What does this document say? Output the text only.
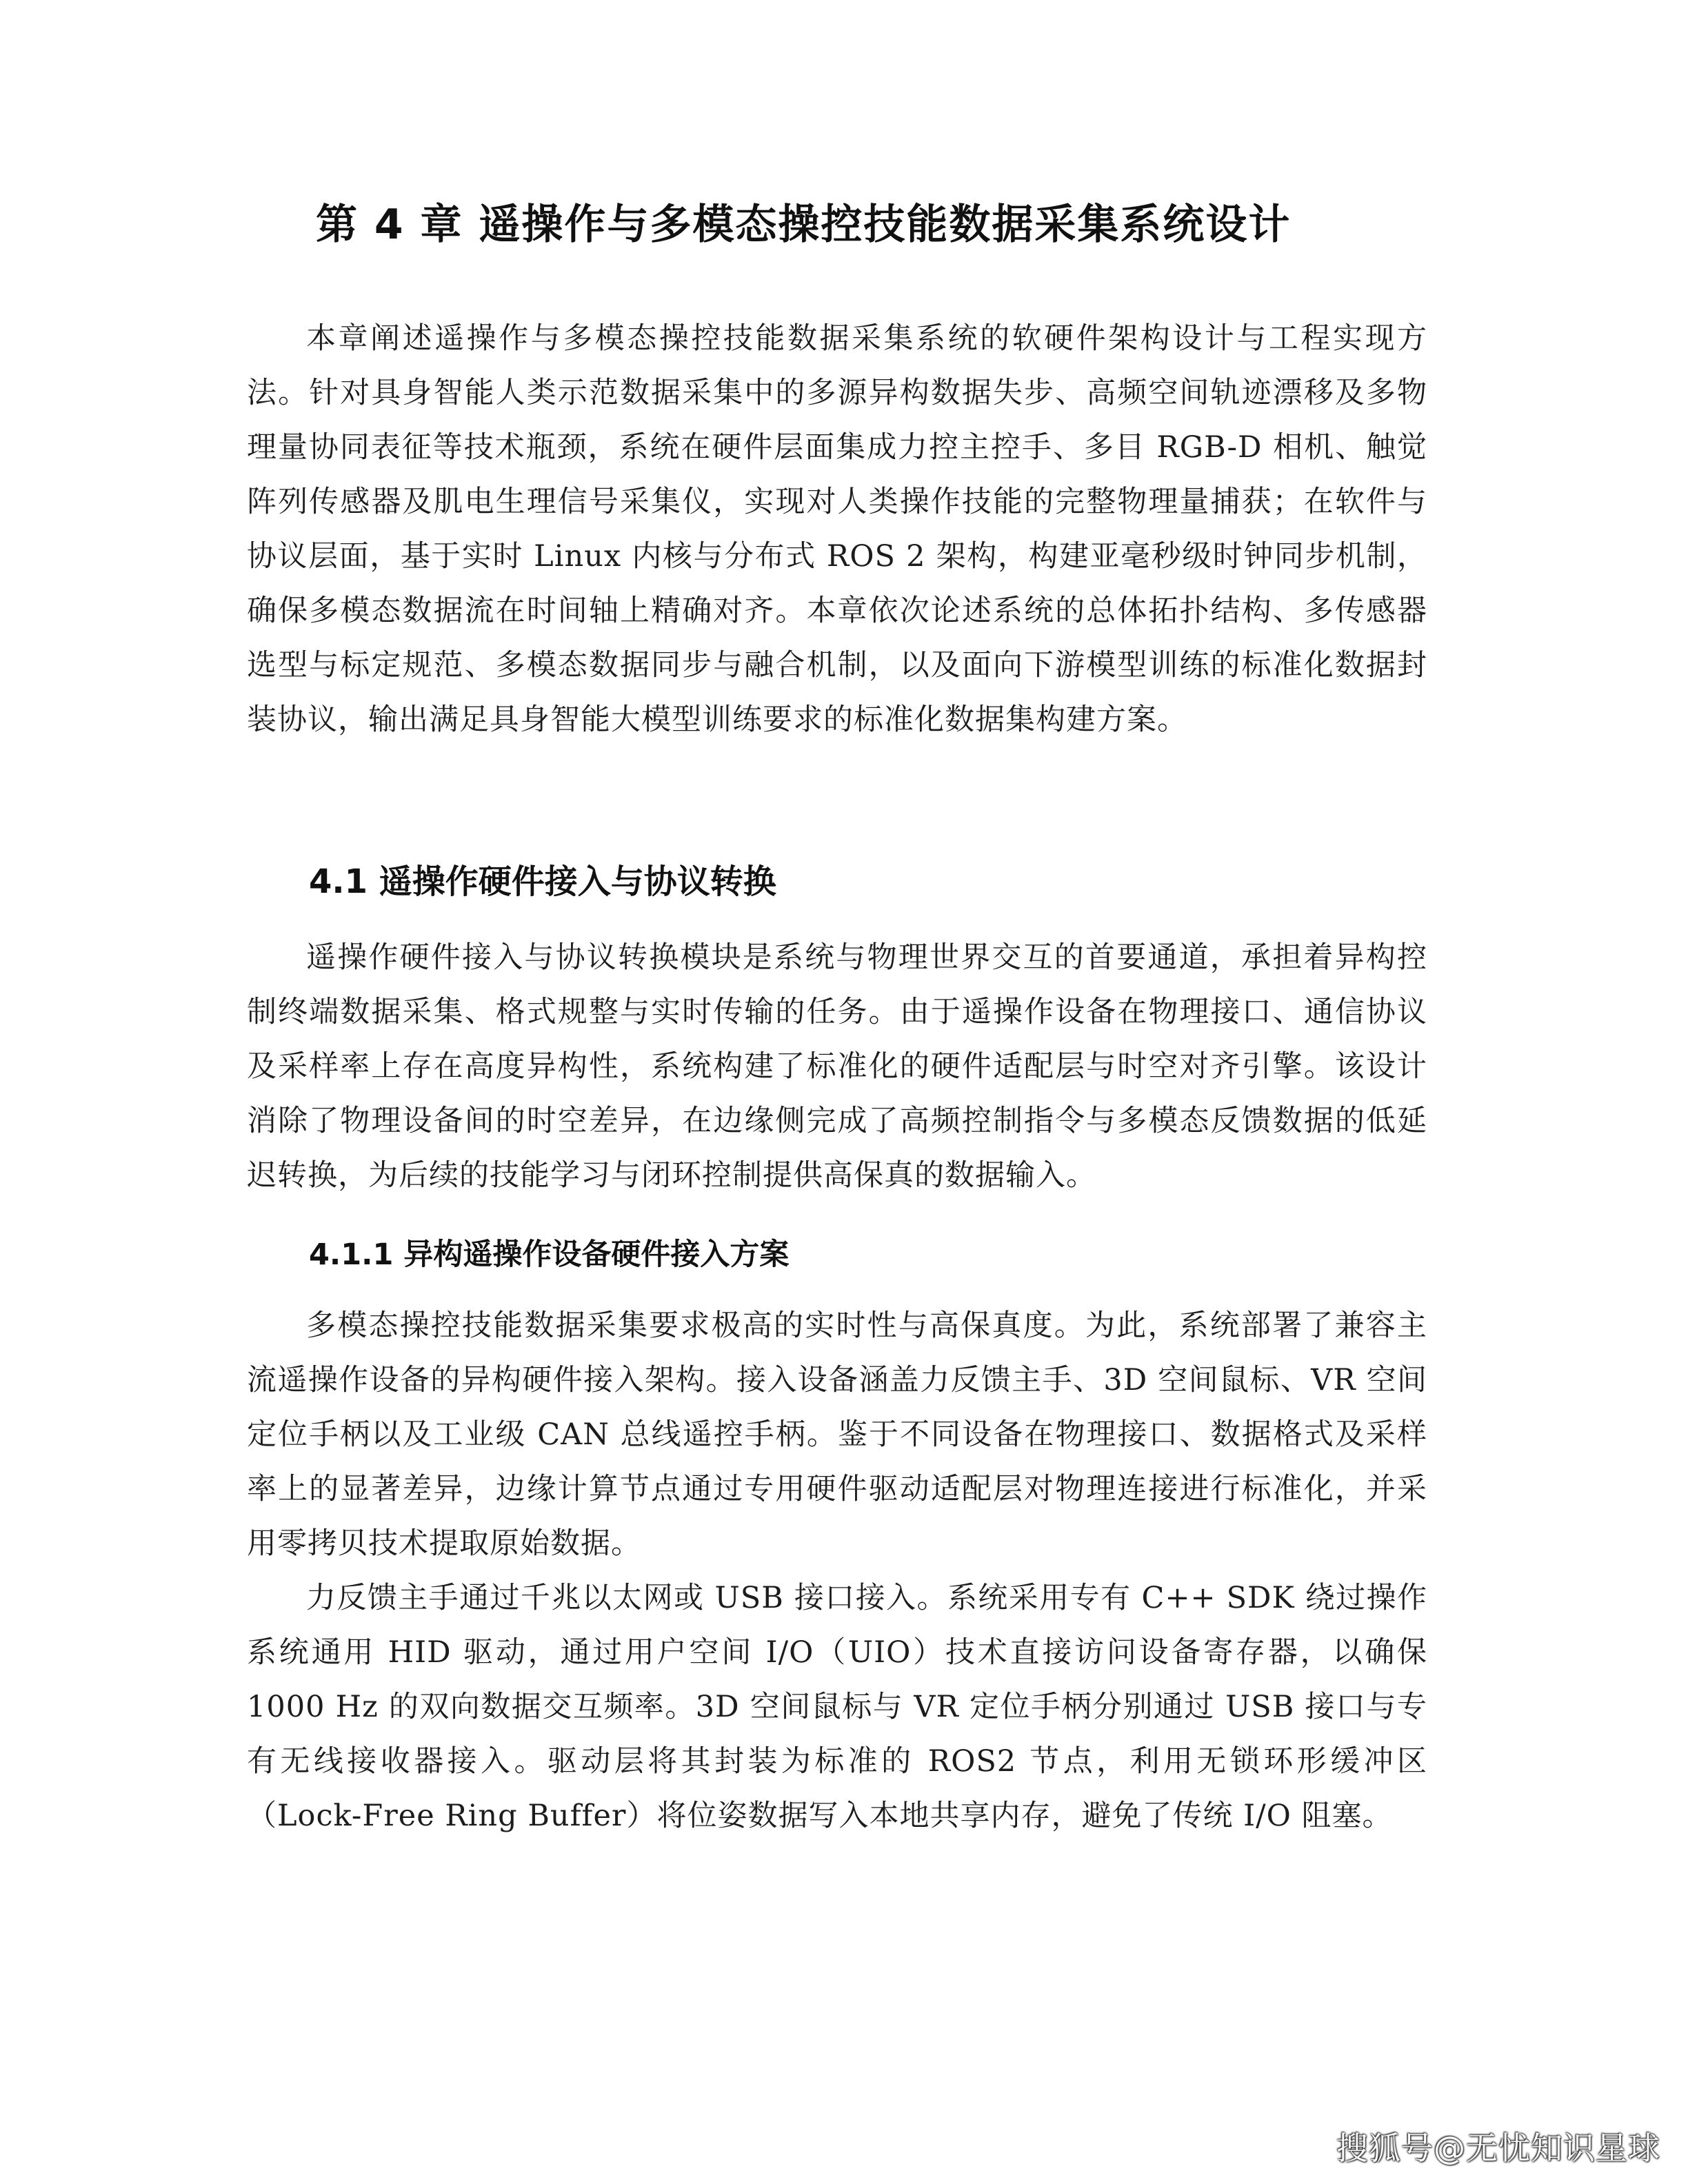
第 4 章 遥操作与多模态操控技能数据采集系统设计

本章阐述遥操作与多模态操控技能数据采集系统的软硬件架构设计与工程实现方法。针对具身智能人类示范数据采集中的多源异构数据失步、高频空间轨迹漂移及多物理量协同表征等技术瓶颈，系统在硬件层面集成力控主控手、多目 RGB-D 相机、触觉阵列传感器及肌电生理信号采集仪，实现对人类操作技能的完整物理量捕获；在软件与协议层面，基于实时 Linux 内核与分布式 ROS 2 架构，构建亚毫秒级时钟同步机制，确保多模态数据流在时间轴上精确对齐。本章依次论述系统的总体拓扑结构、多传感器选型与标定规范、多模态数据同步与融合机制，以及面向下游模型训练的标准化数据封装协议，输出满足具身智能大模型训练要求的标准化数据集构建方案。

4.1 遥操作硬件接入与协议转换

遥操作硬件接入与协议转换模块是系统与物理世界交互的首要通道，承担着异构控制终端数据采集、格式规整与实时传输的任务。由于遥操作设备在物理接口、通信协议及采样率上存在高度异构性，系统构建了标准化的硬件适配层与时空对齐引擎。该设计消除了物理设备间的时空差异，在边缘侧完成了高频控制指令与多模态反馈数据的低延迟转换，为后续的技能学习与闭环控制提供高保真的数据输入。

4.1.1 异构遥操作设备硬件接入方案

多模态操控技能数据采集要求极高的实时性与高保真度。为此，系统部署了兼容主流遥操作设备的异构硬件接入架构。接入设备涵盖力反馈主手、3D 空间鼠标、VR 空间定位手柄以及工业级 CAN 总线遥控手柄。鉴于不同设备在物理接口、数据格式及采样率上的显著差异，边缘计算节点通过专用硬件驱动适配层对物理连接进行标准化，并采用零拷贝技术提取原始数据。

力反馈主手通过千兆以太网或 USB 接口接入。系统采用专有 C++ SDK 绕过操作系统通用 HID 驱动，通过用户空间 I/O（UIO）技术直接访问设备寄存器，以确保 1000 Hz 的双向数据交互频率。3D 空间鼠标与 VR 定位手柄分别通过 USB 接口与专有无线接收器接入。驱动层将其封装为标准的 ROS2 节点，利用无锁环形缓冲区（Lock-Free Ring Buffer）将位姿数据写入本地共享内存，避免了传统 I/O 阻塞。

搜狐号@无忧知识星球
